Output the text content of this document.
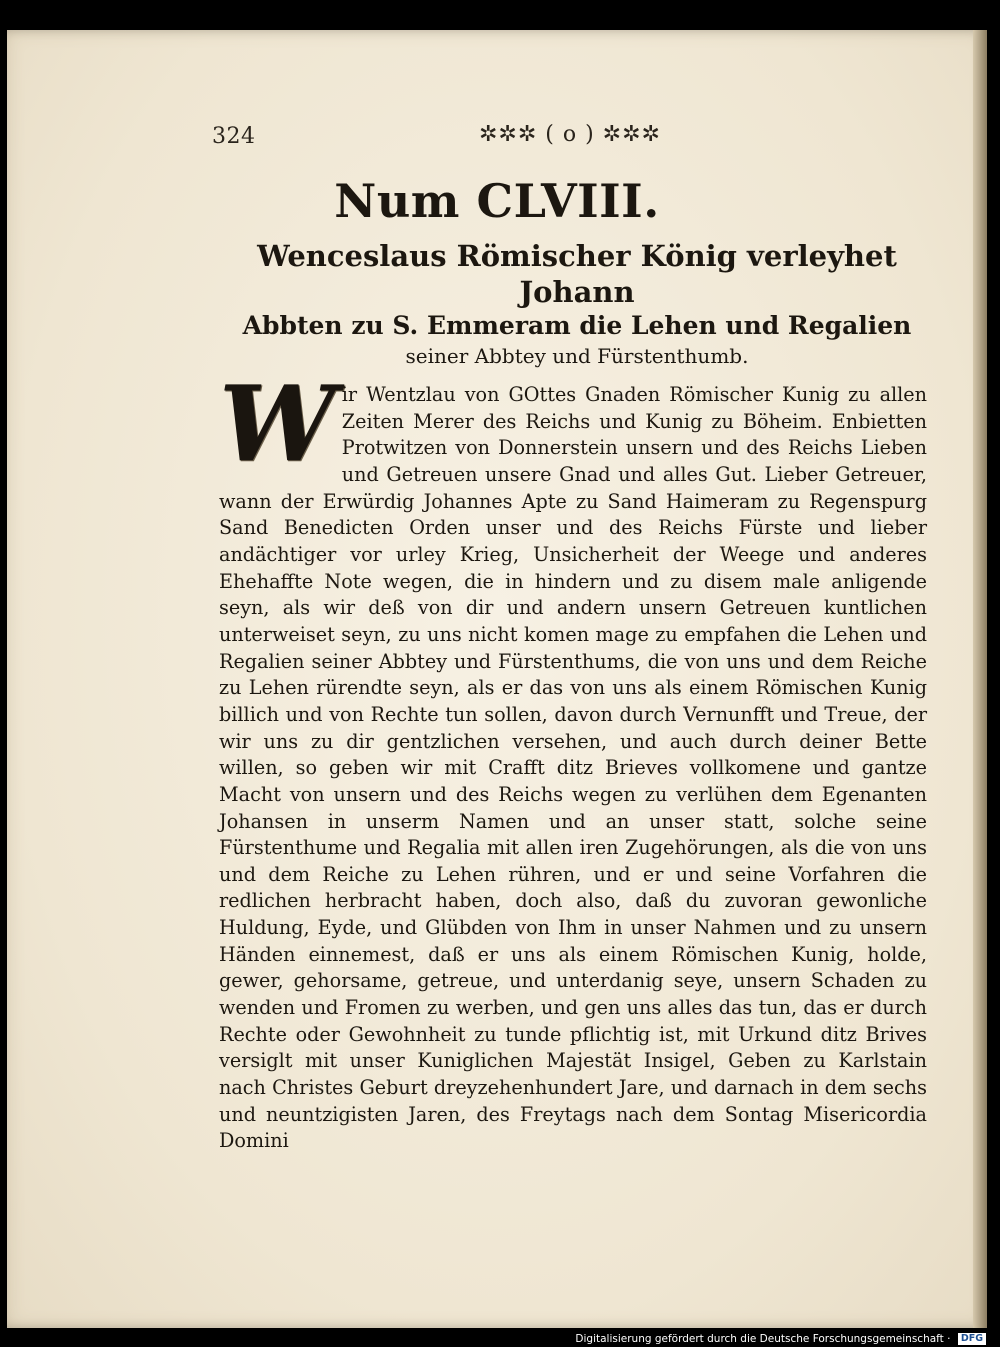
324	✲✲✲ ( o ) ✲✲✲
Num CLVIII.
Wenceslaus Römischer König verleyhet Johann
Abbten zu S. Emmeram die Lehen und Regalien
seiner Abbtey und Fürstenthumb.
W ir Wentzlau von GOttes Gnaden Römischer Kunig zu allen Zeiten Merer des Reichs und Kunig zu Böheim. Enbietten Protwitzen von Donnerstein unsern und des Reichs Lieben und Getreuen unsere Gnad und alles Gut. Lieber Getreuer, wann der Erwürdig Johannes Apte zu Sand Haimeram zu Regenspurg Sand Benedicten Orden unser und des Reichs Fürste und lieber andächtiger vor urley Krieg, Unsicherheit der Weege und anderes Ehehaffte Note wegen, die in hindern und zu disem male anligende seyn, als wir deß von dir und andern unsern Getreuen kuntlichen unterweiset seyn, zu uns nicht komen mage zu empfahen die Lehen und Regalien seiner Abbtey und Fürstenthums, die von uns und dem Reiche zu Lehen rürendte seyn, als er das von uns als einem Römischen Kunig billich und von Rechte tun sollen, davon durch Vernunfft und Treue, der wir uns zu dir gentzlichen versehen, und auch durch deiner Bette willen, so geben wir mit Crafft ditz Brieves vollkomene und gantze Macht von unsern und des Reichs wegen zu verlühen dem Egenanten Johansen in unserm Namen und an unser statt, solche seine Fürstenthume und Regalia mit allen iren Zugehörungen, als die von uns und dem Reiche zu Lehen rühren, und er und seine Vorfahren die redlichen herbracht haben, doch also, daß du zuvoran gewonliche Huldung, Eyde, und Glübden von Ihm in unser Nahmen und zu unsern Händen einnemest, daß er uns als einem Römischen Kunig, holde, gewer, gehorsame, getreue, und unterdanig seye, unsern Schaden zu wenden und Fromen zu werben, und gen uns alles das tun, das er durch Rechte oder Gewohnheit zu tunde pflichtig ist, mit Urkund ditz Brives versiglt mit unser Kuniglichen Majestät Insigel, Geben zu Karlstain nach Christes Geburt dreyzehenhundert Jare, und darnach in dem sechs und neuntzigisten Jaren, des Freytags nach dem Sontag Misericordia Domini
Digitalisierung gefördert durch die Deutsche Forschungsgemeinschaft · DFG
